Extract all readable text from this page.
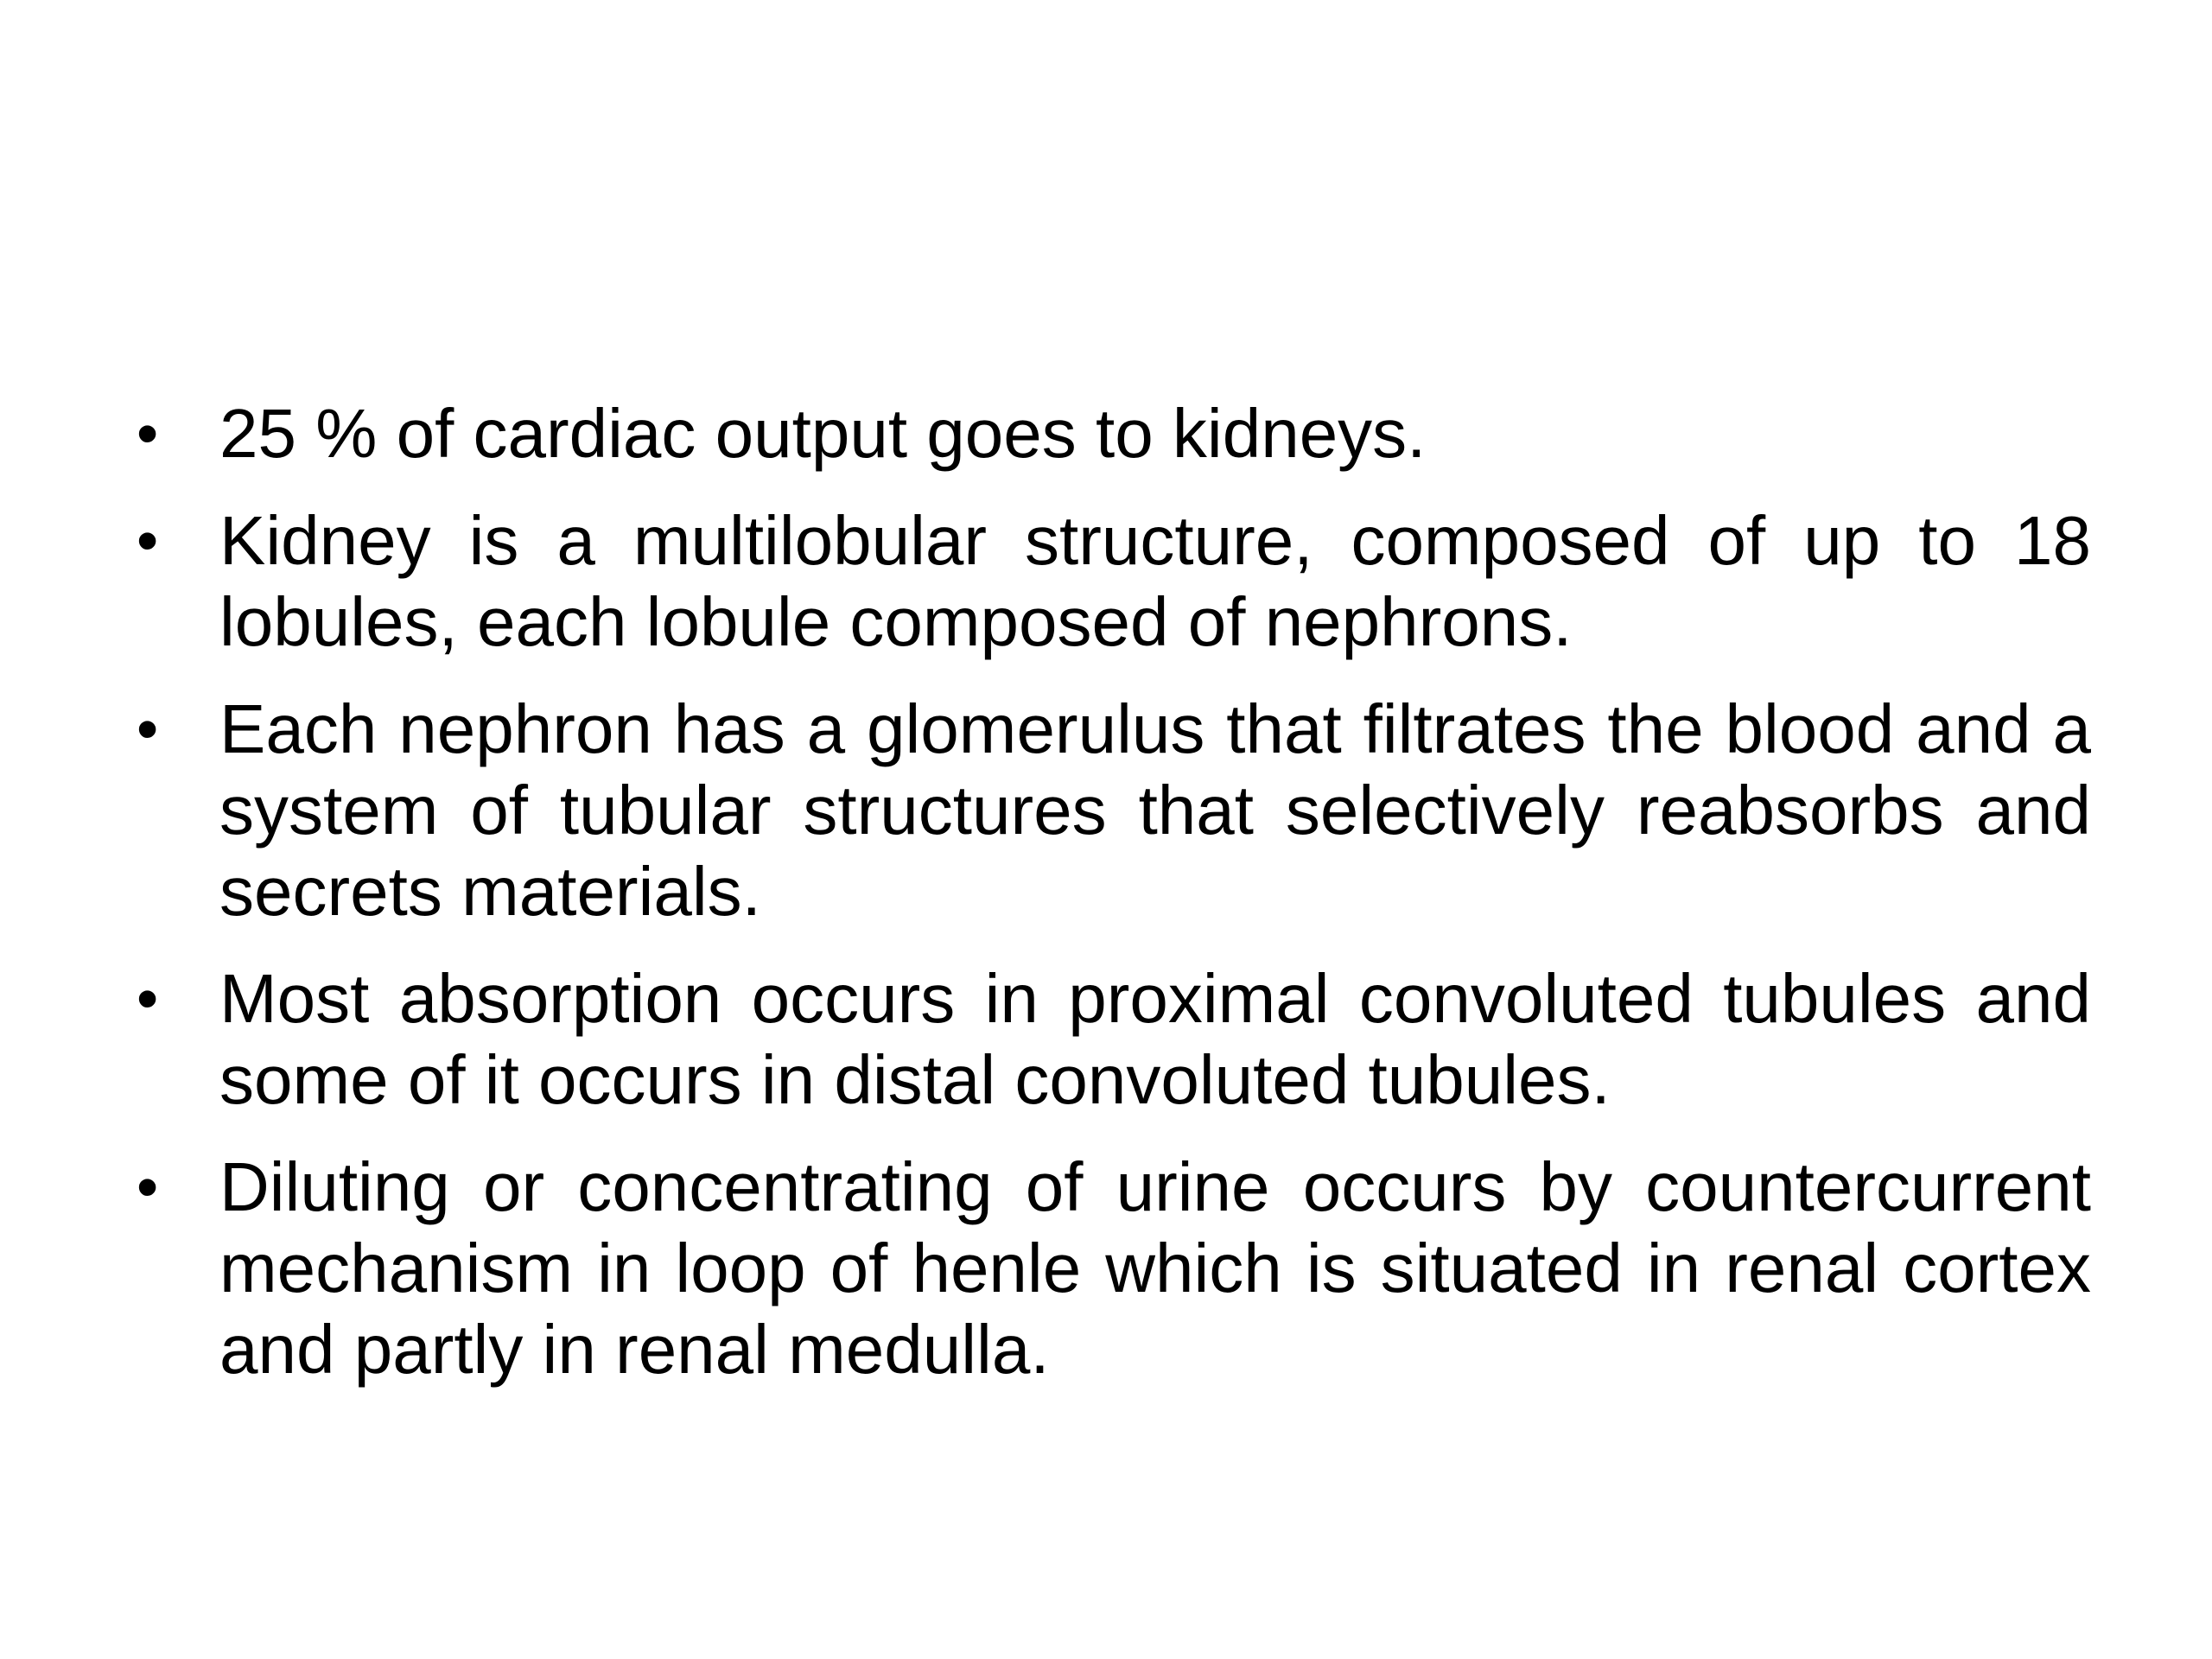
• 25 % of cardiac output goes to kidneys.
• Kidney is a multilobular structure, composed of up to 18 lobules, each lobule composed of nephrons.
• Each nephron has a glomerulus that filtrates the blood and a system of tubular structures that selectively reabsorbs and secrets materials.
• Most absorption occurs in proximal convoluted tubules and some of it occurs in distal convoluted tubules.
• Diluting or concentrating of urine occurs by countercurrent mechanism in loop of henle which is situated in renal cortex and partly in renal medulla.
